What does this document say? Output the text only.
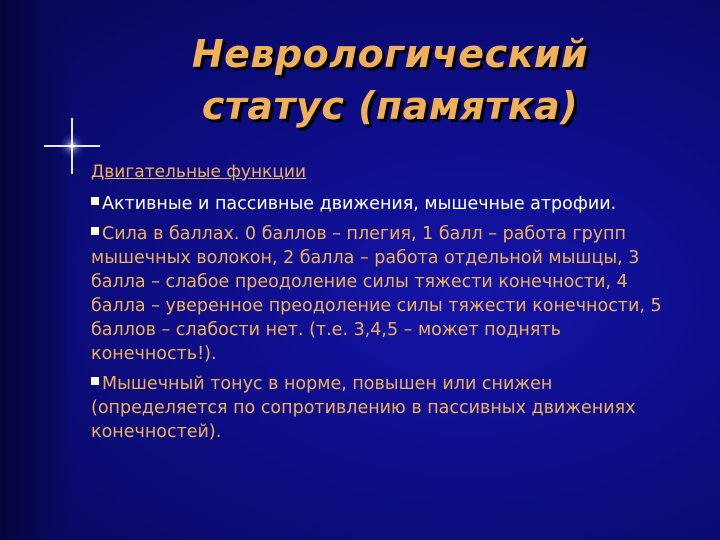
Неврологический статус (памятка)
Двигательные функции
Активные и пассивные движения, мышечные атрофии.
Сила в баллах. 0 баллов – плегия, 1 балл – работа групп мышечных волокон, 2 балла – работа отдельной мышцы, 3 балла – слабое преодоление силы тяжести конечности, 4 балла – уверенное преодоление силы тяжести конечности, 5 баллов – слабости нет. (т.е. 3,4,5 – может поднять конечность!).
Мышечный тонус в норме, повышен или снижен (определяется по сопротивлению в пассивных движениях конечностей).
